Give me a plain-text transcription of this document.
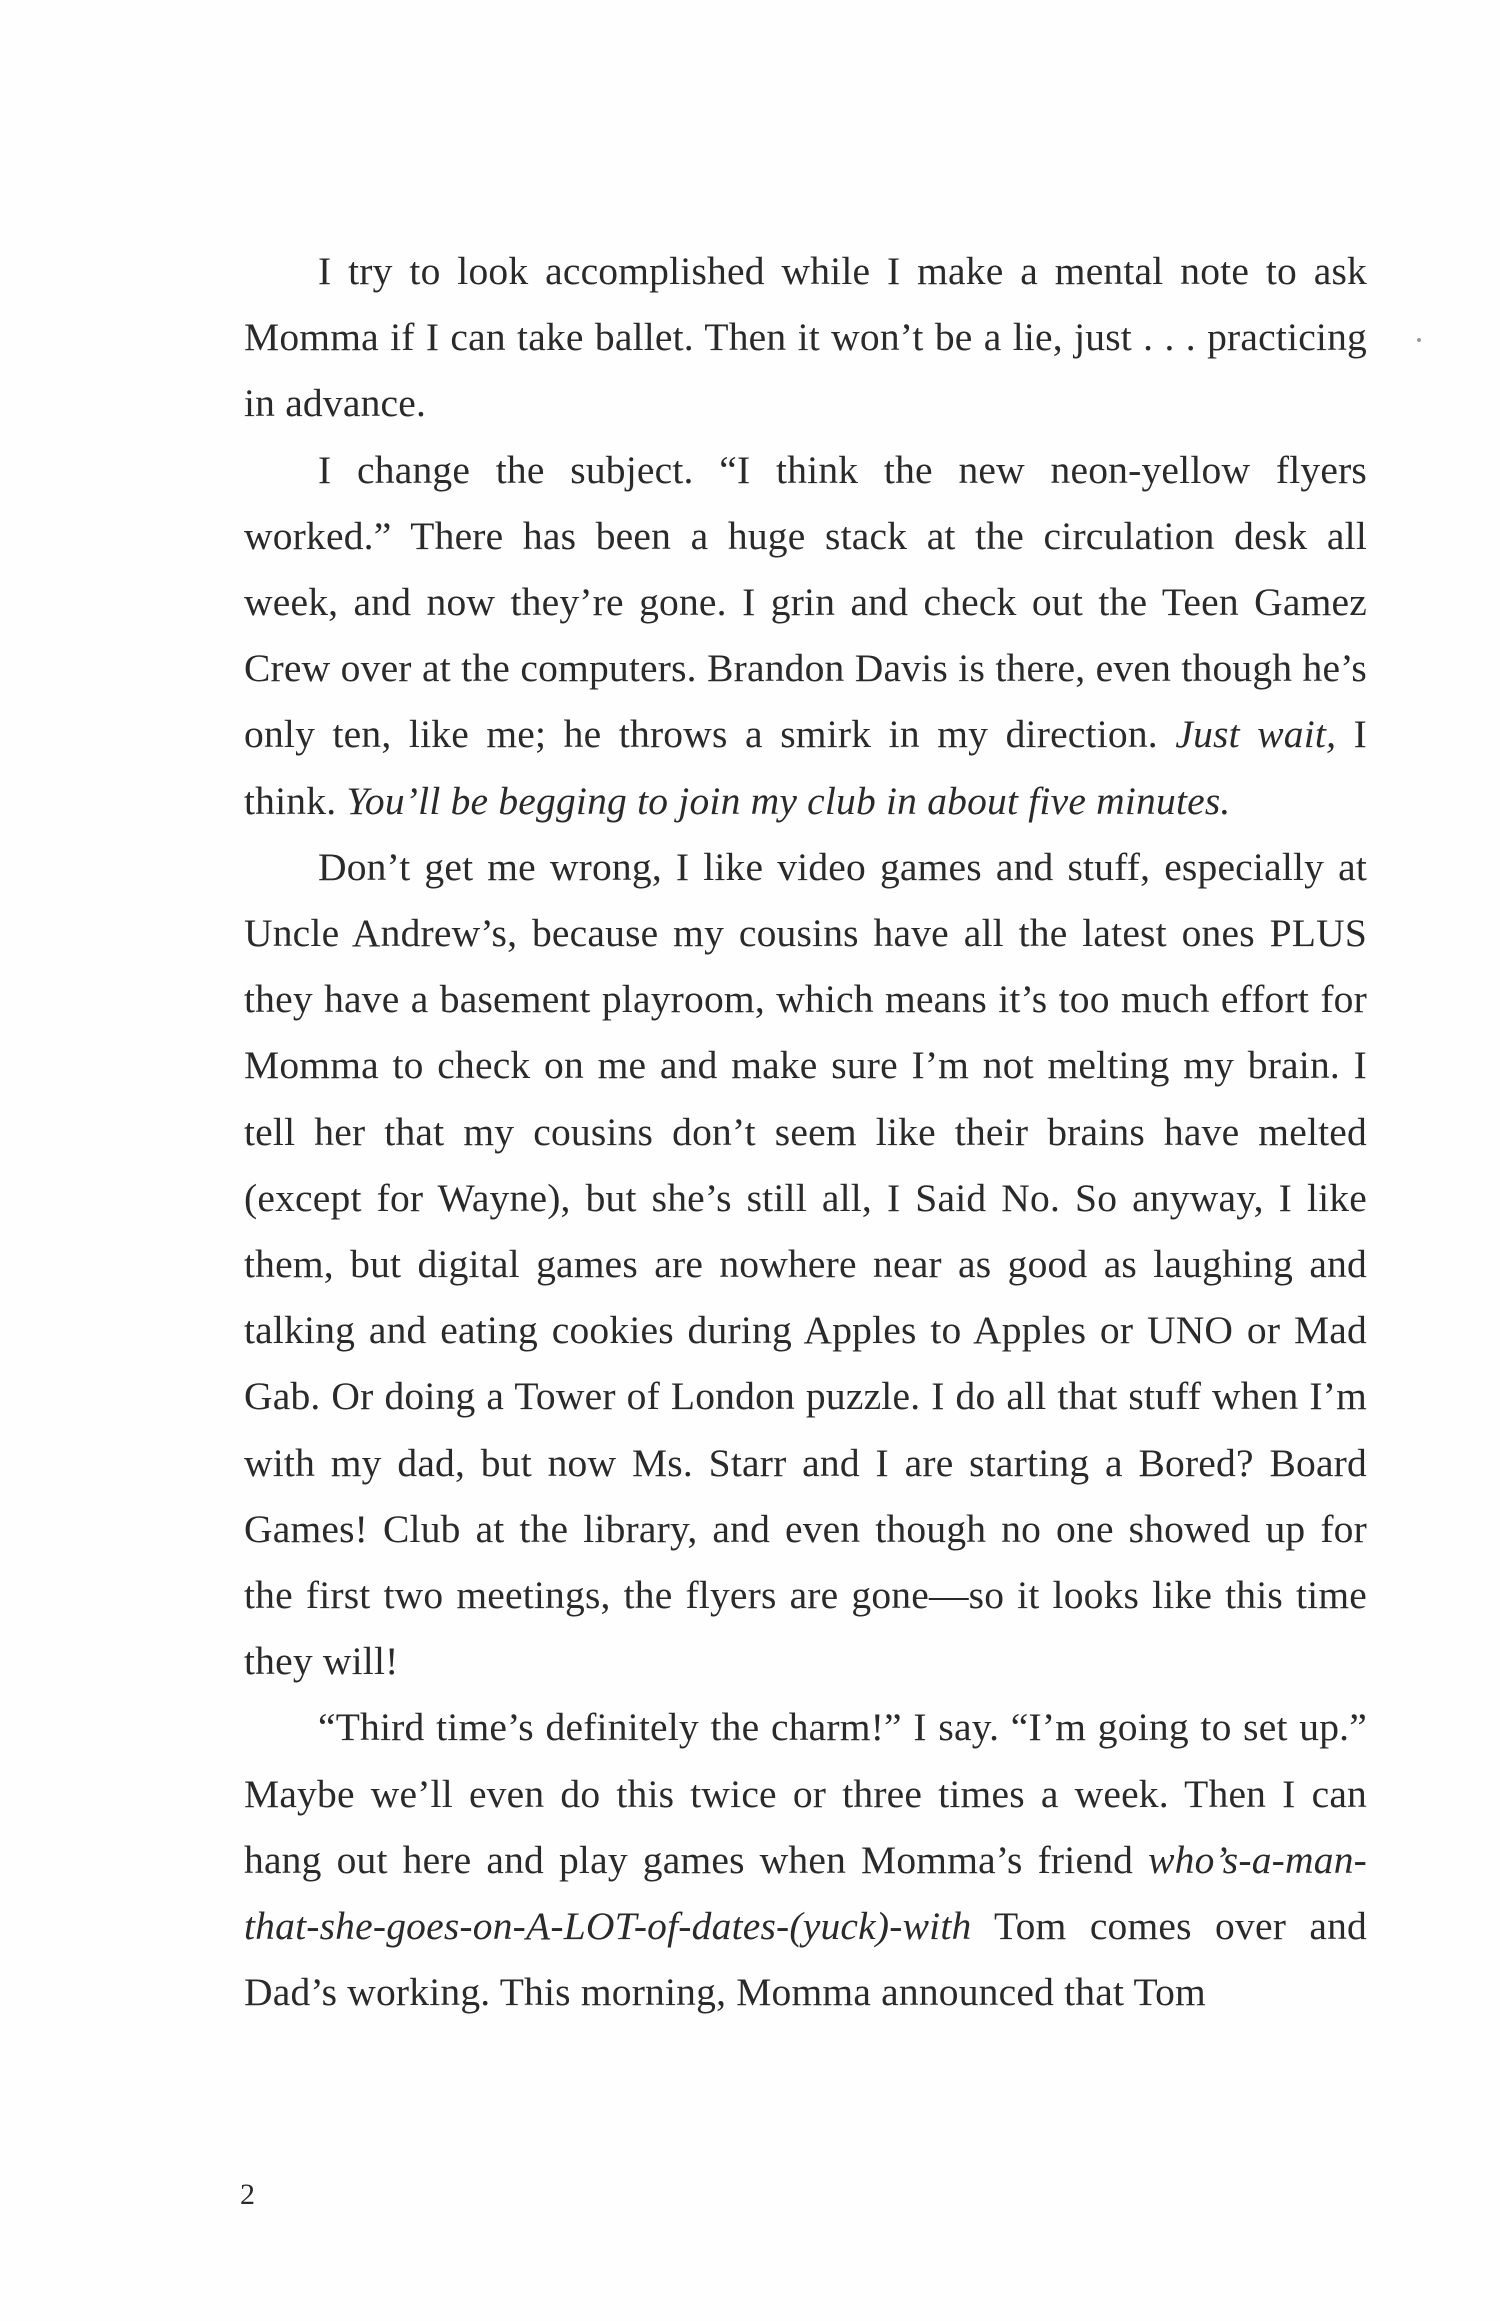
I try to look accomplished while I make a mental note to ask Momma if I can take ballet. Then it won’t be a lie, just . . . practicing in advance.

I change the subject. “I think the new neon-yellow flyers worked.” There has been a huge stack at the circulation desk all week, and now they’re gone. I grin and check out the Teen Gamez Crew over at the computers. Brandon Davis is there, even though he’s only ten, like me; he throws a smirk in my direction. Just wait, I think. You’ll be begging to join my club in about five minutes.

Don’t get me wrong, I like video games and stuff, especially at Uncle Andrew’s, because my cousins have all the latest ones PLUS they have a basement playroom, which means it’s too much effort for Momma to check on me and make sure I’m not melting my brain. I tell her that my cousins don’t seem like their brains have melted (except for Wayne), but she’s still all, I Said No. So anyway, I like them, but digital games are nowhere near as good as laughing and talking and eating cookies during Apples to Apples or UNO or Mad Gab. Or doing a Tower of London puzzle. I do all that stuff when I’m with my dad, but now Ms. Starr and I are starting a Bored? Board Games! Club at the library, and even though no one showed up for the first two meetings, the flyers are gone—so it looks like this time they will!

“Third time’s definitely the charm!” I say. “I’m going to set up.” Maybe we’ll even do this twice or three times a week. Then I can hang out here and play games when Momma’s friend who’s-a-man-that-she-goes-on-A-LOT-of-dates-(yuck)-with Tom comes over and Dad’s working. This morning, Momma announced that Tom

2
